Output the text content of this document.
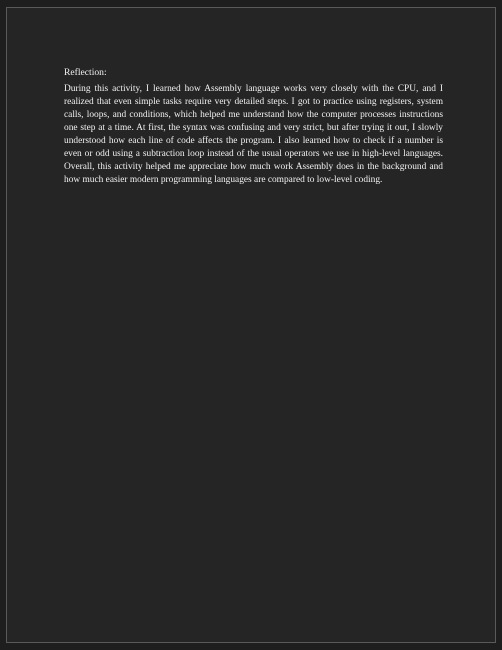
Reflection:

During this activity, I learned how Assembly language works very closely with the CPU, and I realized that even simple tasks require very detailed steps. I got to practice using registers, system calls, loops, and conditions, which helped me understand how the computer processes instructions one step at a time. At first, the syntax was confusing and very strict, but after trying it out, I slowly understood how each line of code affects the program. I also learned how to check if a number is even or odd using a subtraction loop instead of the usual operators we use in high-level languages. Overall, this activity helped me appreciate how much work Assembly does in the background and how much easier modern programming languages are compared to low-level coding.
